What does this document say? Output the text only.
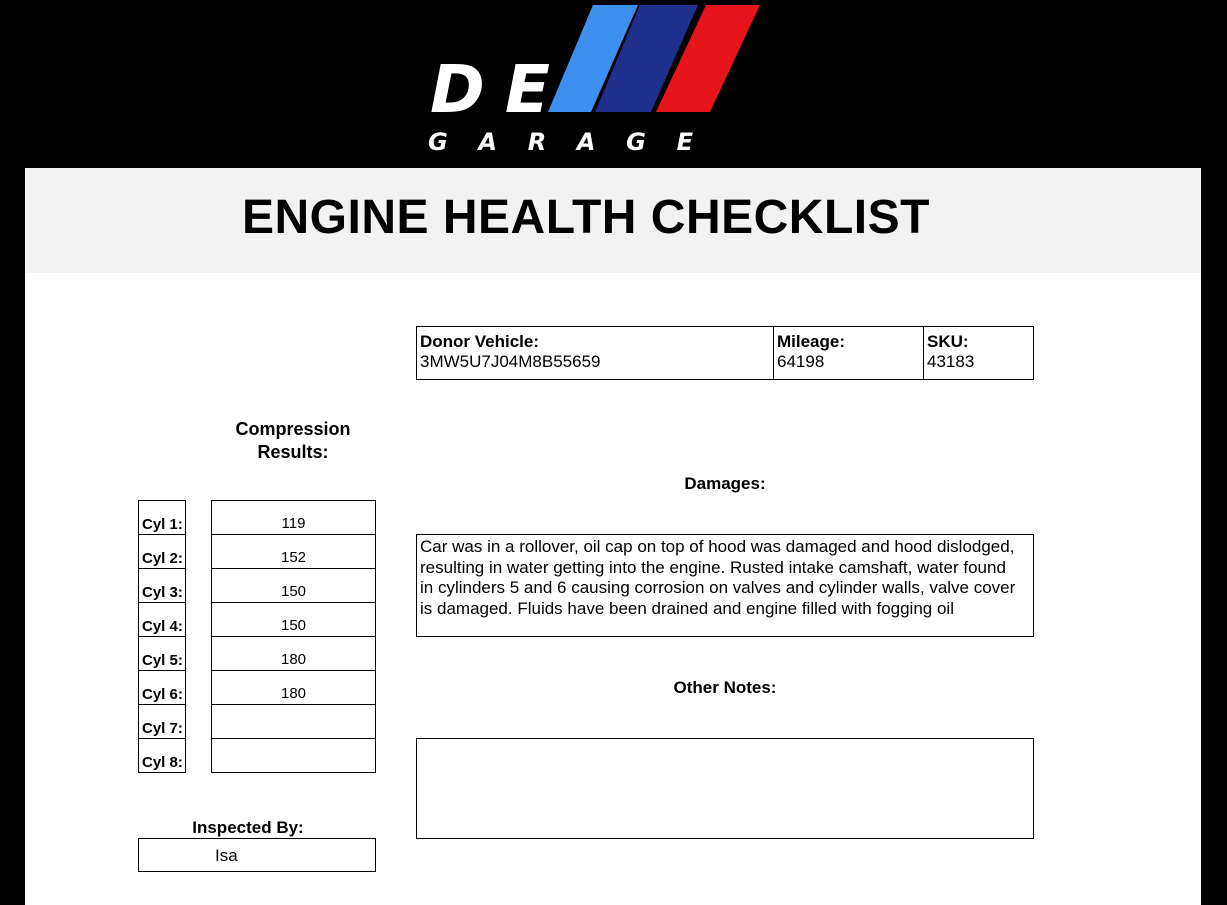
DE
G A R A G E
ENGINE HEALTH CHECKLIST
Donor Vehicle:
3MW5U7J04M8B55659
Mileage:
64198
SKU:
43183
Compression
Results:
Cyl 1:	119
Cyl 2:	152
Cyl 3:	150
Cyl 4:	150
Cyl 5:	180
Cyl 6:	180
Cyl 7:
Cyl 8:
Inspected By:
Isa
Damages:
Car was in a rollover, oil cap on top of hood was damaged and hood dislodged, resulting in water getting into the engine. Rusted intake camshaft, water found in cylinders 5 and 6 causing corrosion on valves and cylinder walls, valve cover is damaged. Fluids have been drained and engine filled with fogging oil
Other Notes:
